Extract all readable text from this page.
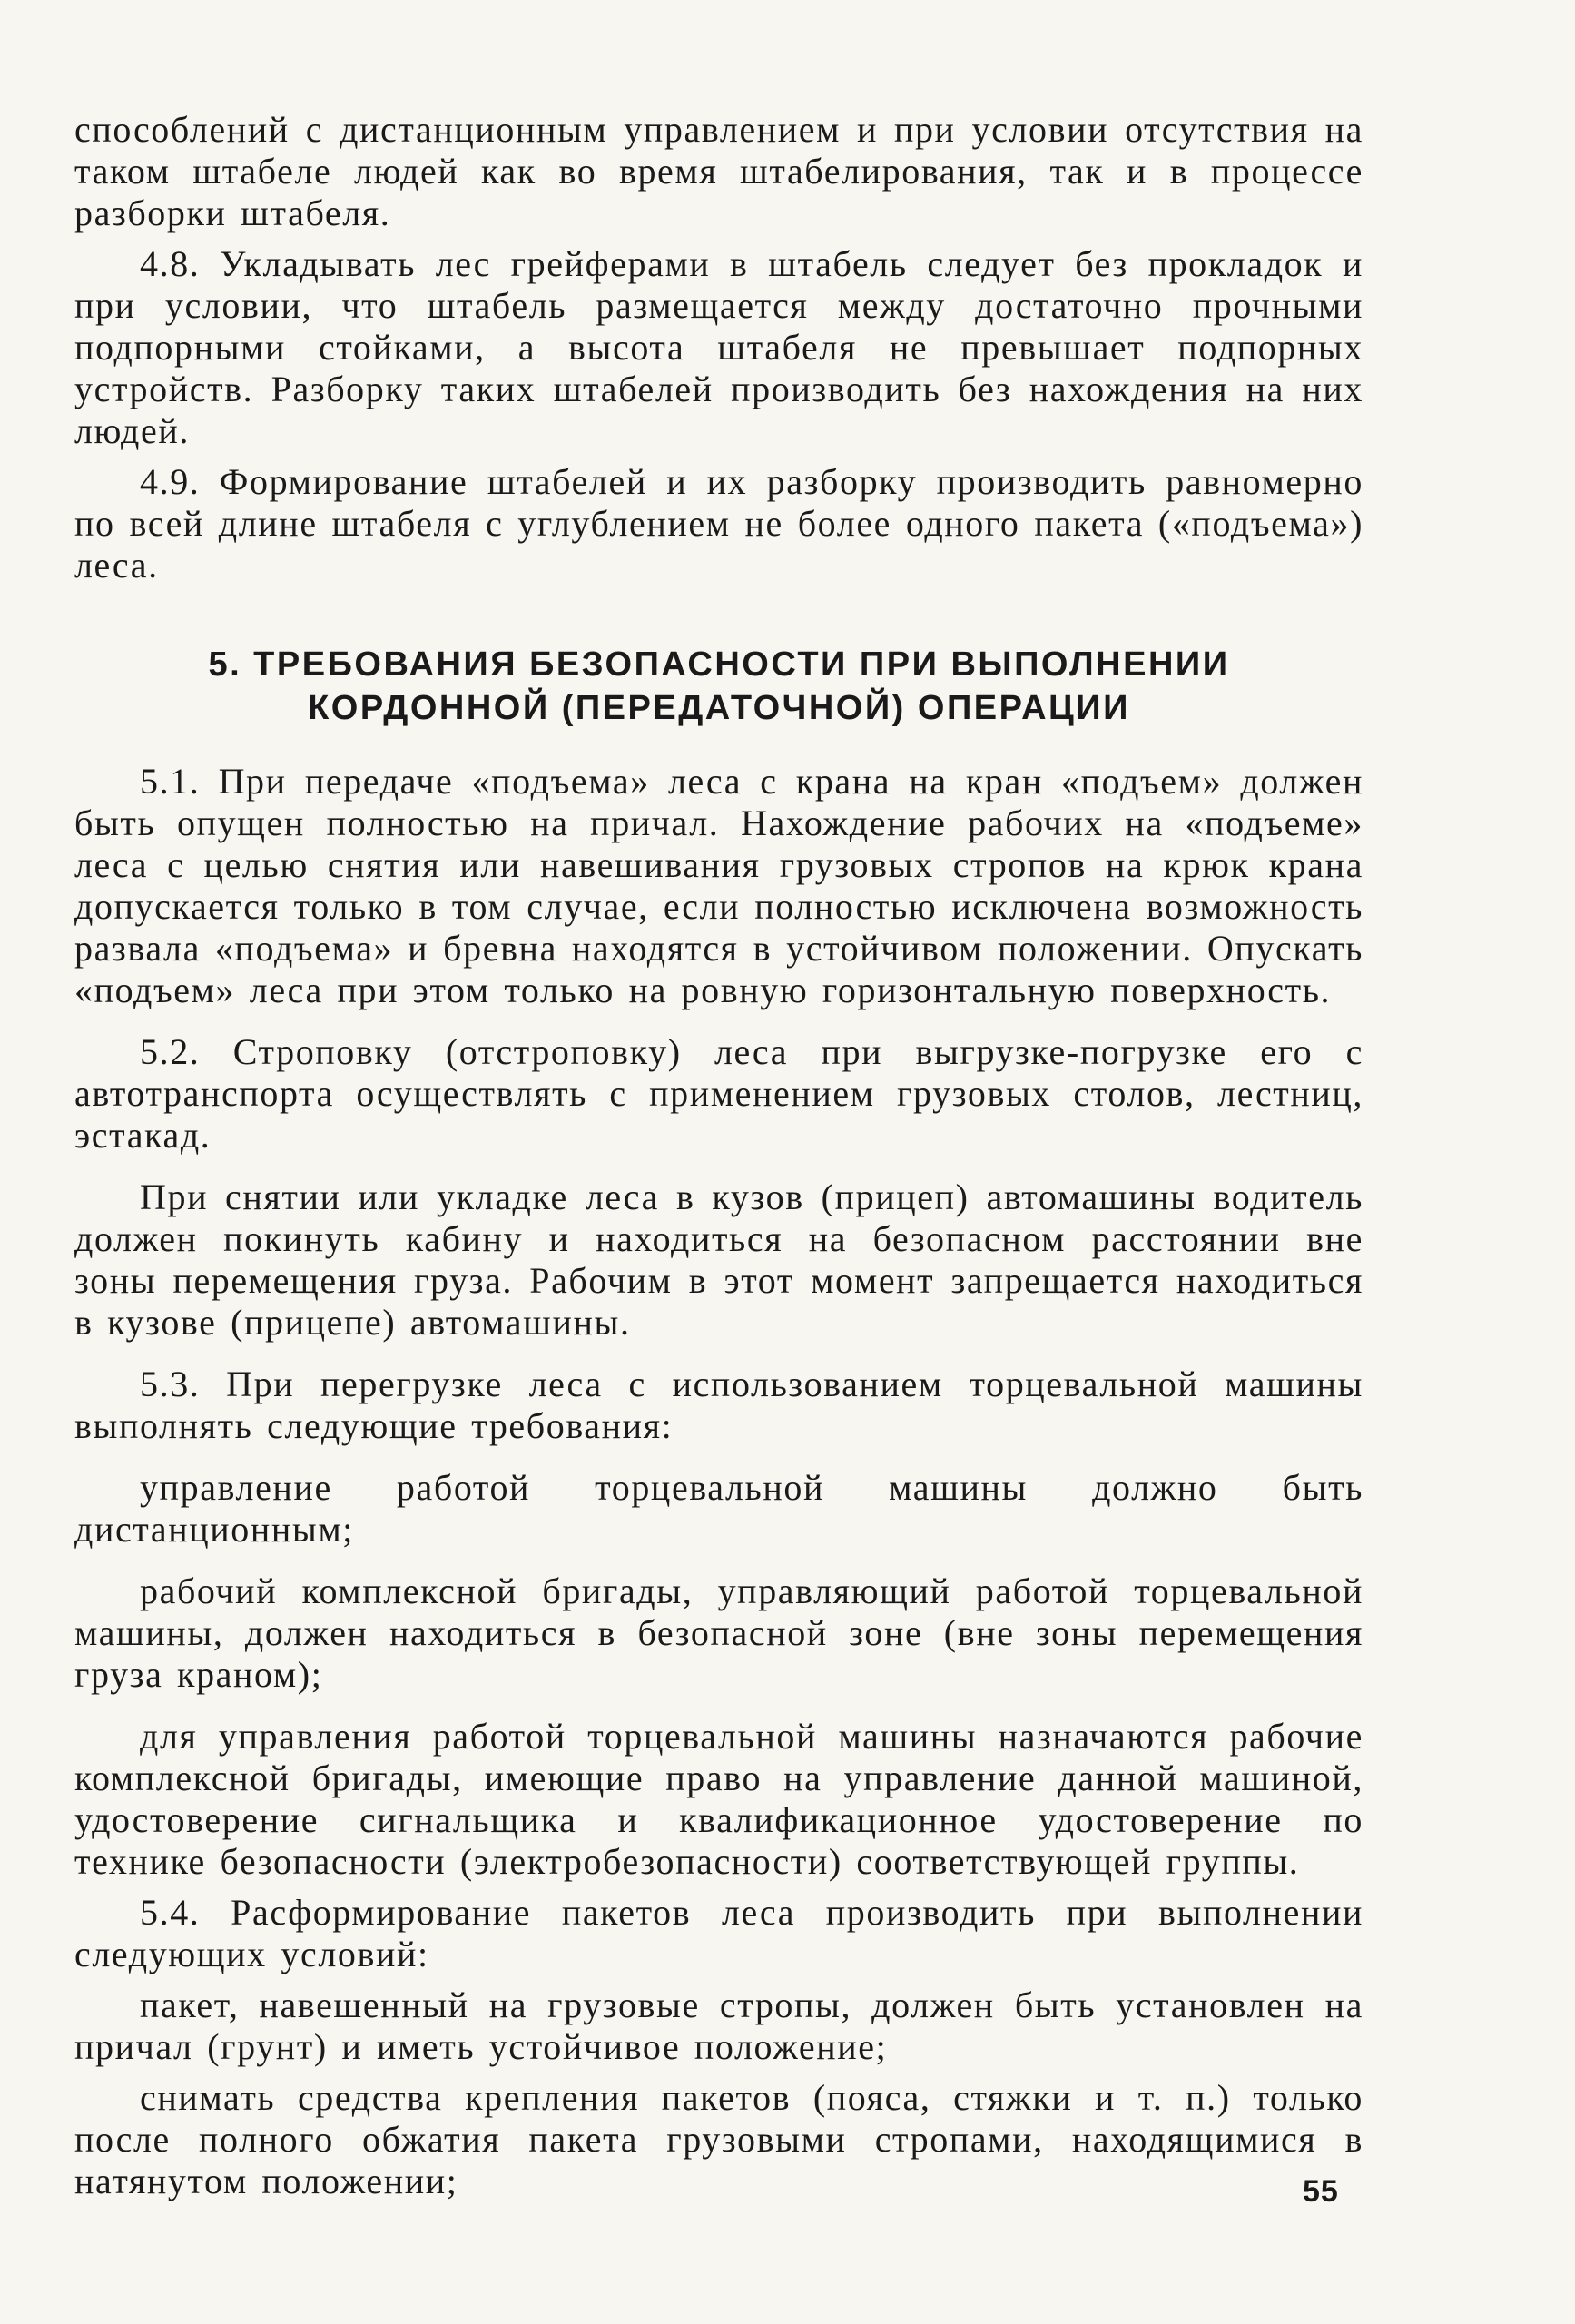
способлений с дистанционным управлением и при условии отсутствия на таком штабеле людей как во время штабелирования, так и в процессе разборки штабеля.

4.8. Укладывать лес грейферами в штабель следует без прокладок и при условии, что штабель размещается между достаточно прочными подпорными стойками, а высота штабеля не превышает подпорных устройств. Разборку таких штабелей производить без нахождения на них людей.

4.9. Формирование штабелей и их разборку производить равномерно по всей длине штабеля с углублением не более одного пакета («подъема») леса.

5. ТРЕБОВАНИЯ БЕЗОПАСНОСТИ ПРИ ВЫПОЛНЕНИИ
КОРДОННОЙ (ПЕРЕДАТОЧНОЙ) ОПЕРАЦИИ

5.1. При передаче «подъема» леса с крана на кран «подъем» должен быть опущен полностью на причал. Нахождение рабочих на «подъеме» леса с целью снятия или навешивания грузовых стропов на крюк крана допускается только в том случае, если полностью исключена возможность развала «подъема» и бревна находятся в устойчивом положении. Опускать «подъем» леса при этом только на ровную горизонтальную поверхность.

5.2. Строповку (отстроповку) леса при выгрузке-погрузке его с автотранспорта осуществлять с применением грузовых столов, лестниц, эстакад.

При снятии или укладке леса в кузов (прицеп) автомашины водитель должен покинуть кабину и находиться на безопасном расстоянии вне зоны перемещения груза. Рабочим в этот момент запрещается находиться в кузове (прицепе) автомашины.

5.3. При перегрузке леса с использованием торцевальной машины выполнять следующие требования:

управление работой торцевальной машины должно быть дистанционным;

рабочий комплексной бригады, управляющий работой торцевальной машины, должен находиться в безопасной зоне (вне зоны перемещения груза краном);

для управления работой торцевальной машины назначаются рабочие комплексной бригады, имеющие право на управление данной машиной, удостоверение сигнальщика и квалификационное удостоверение по технике безопасности (электробезопасности) соответствующей группы.

5.4. Расформирование пакетов леса производить при выполнении следующих условий:

пакет, навешенный на грузовые стропы, должен быть установлен на причал (грунт) и иметь устойчивое положение;

снимать средства крепления пакетов (пояса, стяжки и т. п.) только после полного обжатия пакета грузовыми стропами, находящимися в натянутом положении;	55
